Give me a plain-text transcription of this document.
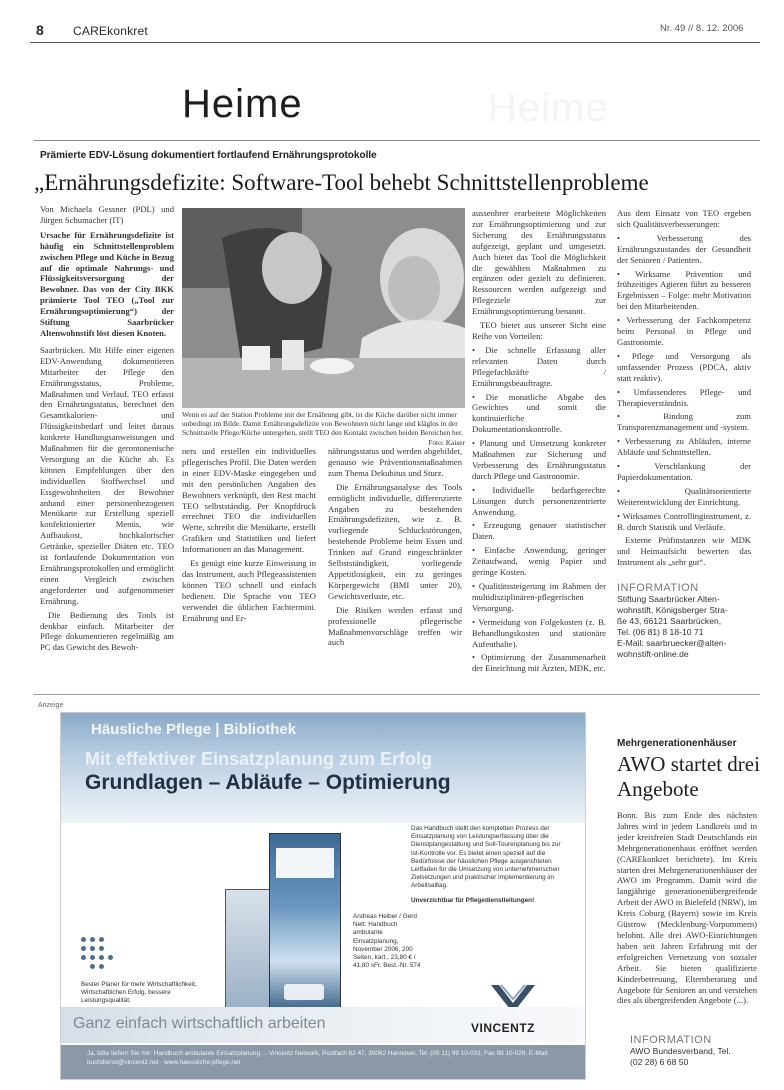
8 CAREkonkret	Nr. 49 // 8. 12. 2006
Heime	Heime
Prämierte EDV-Lösung dokumentiert fortlaufend Ernährungsprotokolle
„Ernährungsdefizite: Software-Tool behebt Schnittstellenprobleme

Von Michaela Gessner (PDL) und Jürgen Schumacher (IT)

Ursache für Ernährungsdefizite ist häufig ein Schnittstellenproblem zwischen Pflege und Küche in Bezug auf die optimale Nahrungs- und Flüssigkeitsversorgung der Bewohner. Das von der City BKK prämierte Tool TEO („Tool zur Ernährungsoptimierung“) der Stiftung Saarbrücker Altenwohnstift löst diesen Knoten.

Saarbrücken. Mit Hilfe einer eigenen EDV-Anwendung dokumentieren Mitarbeiter der Pflege den Ernährungsstatus, Probleme, Maßnahmen und Verlauf. TEO erfasst den Ernährungsstatus, berechnet den Gesamtkalorien- und Flüssigkeitsbedarf und leitet daraus konkrete Handlungsanweisungen und Maßnahmen für die gerontonenische Versorgung an die Küche ab. Es können Empfehlungen über den individuellen Stoffwechsel und Essgewohnheiten der Bewohner anhand einer personenbezogenen Menükarte zur Erstellung speziell konfektionierter Menüs, wie Aufbaukost, hochkalorischer Getränke, spezieller Diäten etc. TEO ist fortlaufende Dokumentation von Ernährungsprotokollen und ermöglicht einen Vergleich zwischen angeforderter und aufgenommener Ernährung.

Die Bedienung des Tools ist denkbar einfach. Mitarbeiter der Pflege dokumentieren regelmäßig am PC das Gewicht des Bewoh-

Wenn es auf der Station Probleme mit der Ernährung gibt, ist die Küche darüber nicht immer unbedingt im Bilde. Damit Ernährungsdefizite von Bewohnern nicht lange und kläglos in der Schnittstelle Pflege/Küche untergehen, stellt TEO den Kontakt zwischen beiden Bereichen her.
Foto: Kaiser

ners und erstellen ein individuelles pflegerisches Profil. Die Daten werden in einer EDV-Maske eingegeben und mit den persönlichen Angaben des Bewohners verknüpft, den Rest macht TEO selbstständig. Per Knopfdruck errechnet TEO die individuellen Werte, schreibt die Menükarte, erstellt Grafiken und Statistiken und liefert Informationen an das Management.

Es genügt eine kurze Einweisung in das Instrument, auch Pflegeassistenten können TEO schnell und einfach bedienen. Die Sprache von TEO verwendet die üblichen Fachtermini. Ernährung und Er-

nährungsstatus und werden abgebildet, genauso wie Präventionsmaßnahmen zum Thema Dekubitus und Sturz.

Die Ernährungsanalyse des Tools ermöglicht individuelle, differenzierte Angaben zu bestehenden Ernährungsdefiziten, wie z. B. vorliegende Schluckstörungen, bestehende Probleme beim Essen und Trinken auf Grund eingeschränkter Selbstständigkeit, vorliegende Appetitlosigkeit, ein zu geringes Körpergewicht (BMI unter 20), Gewichtsverluste, etc.

Die Risiken werden erfasst und professionelle pflegerische Maßnahmenvorschläge treffen wir auch

aussenhrer erarbeitete Möglichkeiten zur Ernährungsoptimierung und zur Sicherung des Ernährungsstatus aufgezeigt, geplant und umgesetzt. Auch bietet das Tool die Möglichkeit die gewählten Maßnahmen zu ergänzen oder gezielt zu definieren. Ressourcen werden aufgezeigt und Pflegeziele zur Ernährungsoptimierung benannt.

TEO bietet aus unserer Sicht eine Reihe von Vorteilen:

• Die schnelle Erfassung aller relevanten Daten durch Pflegefachkräfte / Ernährungsbeauftragte.

• Die monatliche Abgabe des Gewichtes und somit die kontinuierliche Dokumentationskontrolle.

• Planung und Umsetzung konkreter Maßnahmen zur Sicherung und Verbesserung des Ernährungsstatus durch Pflege und Gastronomie.

• Individuelle bedarfsgerechte Lösungen durch personenzentrierte Anwendung.

• Erzeugung genauer statistischer Daten.

• Einfache Anwendung, geringer Zeitaufwand, wenig Papier und geringe Kosten.

• Qualitätssteigerung im Rahmen der multidisziplinären-pflegerischen Versorgung.

• Vermeidung von Folgekosten (z. B. Behandlungskosten und stationäre Aufenthalte).

• Optimierung der Zusammenarbeit der Einrichtung mit Ärzten, MDK, etc.

Aus dem Einsatz von TEO ergeben sich Qualitätsverbesserungen:

• Verbesserung des Ernährungszustandes der Gesundheit der Senioren / Patienten.

• Wirksame Prävention und frühzeitiges Agieren führt zu besseren Ergebnissen – Folge: mehr Motivation bei den Mitarbeitenden.

• Verbesserung der Fachkompetenz beim Personal in Pflege und Gastronomie.

• Pflege und Versorgung als umfassender Prozess (PDCA, aktiv statt reaktiv).

• Umfassenderes Pflege- und Therapieverständnis.

• Bindung zum Transparenzmanagement und -system.

• Verbesserung zu Abläufen, interne Abläufe und Schnittstellen.

• Verschlankung der Papierdokumentation.

• Qualitätsorientierte Weiterentwicklung der Einrichtung.

• Wirksames Controllinginstrument, z. B. durch Statistik und Verläufe.

Externe Prüfinstanzen wie MDK und Heimaufsicht bewerten das Instrument als „sehr gut“.

INFORMATION
Stiftung Saarbrücker Alten-
wohnstift, Königsberger Stra-
ße 43, 66121 Saarbrücken,
Tel. (06 81) 8 18-10 71
E-Mail: saarbruecker@alten-
wohnstift-online.de
Anzeige
Häusliche Pflege | Bibliothek
Mit effektiver Einsatzplanung zum Erfolg
Grundlagen – Abläufe – Optimierung
Bester Planer für mehr Wirtschaftlichkeit, Wirtschaftlichen Erfolg, bessere Leistungsqualität.
Andreas Heiber / Gerd Nett: Handbuch ambulante Einsatzplanung, November 2006, 200 Seiten, kart., 23,80 € / 41,80 sFr. Best.-Nr. 574
Das Handbuch stellt den kompletten Prozess der Einsatzplanung von Leistungserfassung über die Dienstplangestaltung und Soll-Tourenplanung bis zur Ist-Kontrolle vor. Es bietet einen speziell auf die Bedürfnisse der häuslichen Pflege ausgerichteten Leitfaden für die Umsetzung von unternehmerischen Zielsetzungen und praktischer Implementierung im Arbeitsalltag.
Unverzichtbar für Pflegedienstleitungen!
Ganz einfach wirtschaftlich arbeiten	VINCENTZ
Ja, bitte liefern Sie mir: Handbuch ambulante Einsatzplanung ... Vincentz Network, Postfach 62 47, 30062 Hannover, Tel. (05 11) 99 10-033, Fax 99 10-029, E-Mail: buchdienst@vincentz.net · www.haeusliche-pflege.net
Mehrgenerationenhäuser
AWO startet drei Angebote

Bonn. Bis zum Ende des nächsten Jahres wird in jedem Landkreis und in jeder kreisfreien Stadt Deutschlands ein Mehrgenerationenhaus eröffnet werden (CAREkonkret berichtete). Im Kreis starten drei Mehrgenerationenhäuser der AWO im Programm. Damit wird die langjährige generationenübergreifende Arbeit der AWO in Bielefeld (NRW), im Kreis Coburg (Bayern) sowie im Kreis Güstrow (Mecklenburg-Vorpommern) belohnt. Alle drei AWO-Einrichtungen haben seit Jahren Erfahrung mit der erfolgreichen Vernetzung von sozialer Arbeit. Sie bieten qualifizierte Kinderbetreuung, Elternberatung und Angebote für Senioren an und verstehen dies als übergreifenden Angebote (...).

INFORMATION
AWO Bundesverband, Tel.
(02 28) 6 68 50
